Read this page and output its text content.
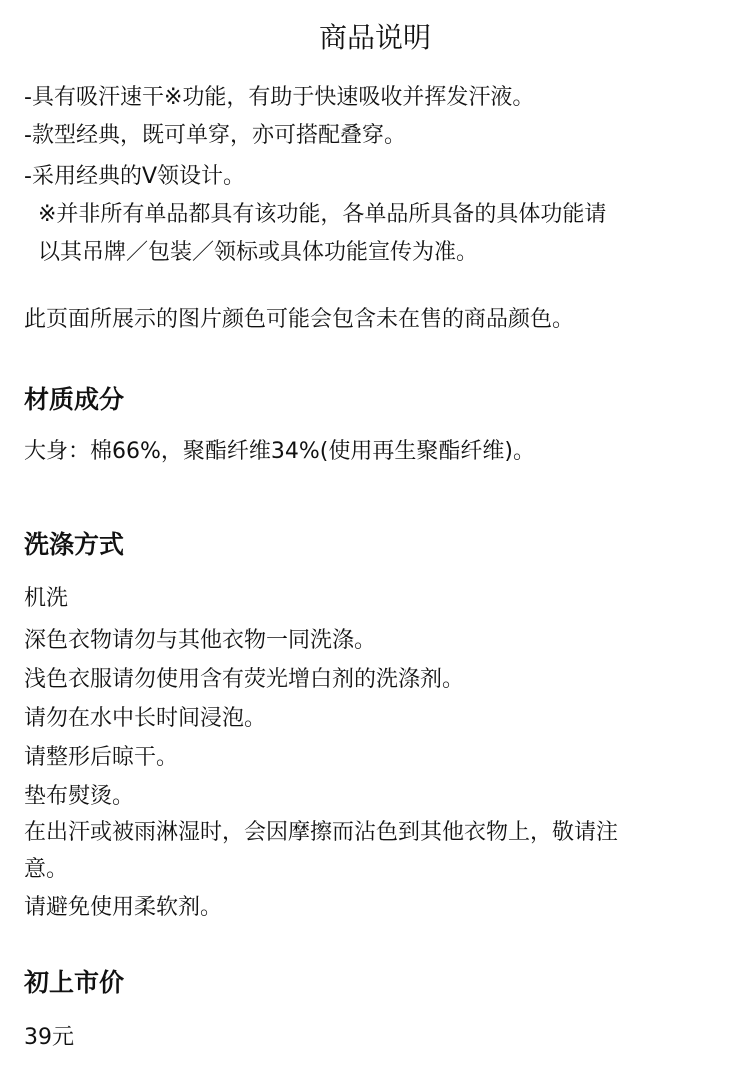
商品说明
-具有吸汗速干※功能，有助于快速吸收并挥发汗液。
-款型经典，既可单穿，亦可搭配叠穿。
-采用经典的V领设计。
※并非所有单品都具有该功能，各单品所具备的具体功能请
以其吊牌／包装／领标或具体功能宣传为准。
此页面所展示的图片颜色可能会包含未在售的商品颜色。
材质成分
大身：棉66%，聚酯纤维34%(使用再生聚酯纤维)。
洗涤方式
机洗
深色衣物请勿与其他衣物一同洗涤。
浅色衣服请勿使用含有荧光增白剂的洗涤剂。
请勿在水中长时间浸泡。
请整形后晾干。
垫布熨烫。
在出汗或被雨淋湿时，会因摩擦而沾色到其他衣物上，敬请注
意。
请避免使用柔软剂。
初上市价
39元
